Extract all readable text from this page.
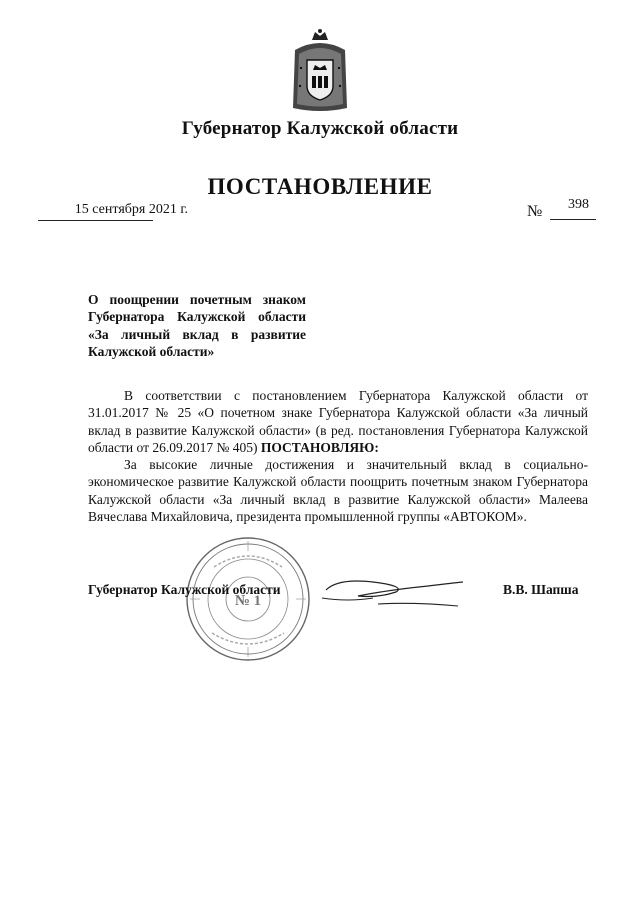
Губернатор Калужской области
ПОСТАНОВЛЕНИЕ
15 сентября 2021 г.	№ 398
О поощрении почетным знаком Губернатора Калужской области «За личный вклад в развитие Калужской области»

В соответствии с постановлением Губернатора Калужской области от 31.01.2017 № 25 «О почетном знаке Губернатора Калужской области «За личный вклад в развитие Калужской области» (в ред. постановления Губернатора Калужской области от 26.09.2017 № 405) ПОСТАНОВЛЯЮ:

За высокие личные достижения и значительный вклад в социально-экономическое развитие Калужской области поощрить почетным знаком Губернатора Калужской области «За личный вклад в развитие Калужской области» Малеева Вячеслава Михайловича, президента промышленной группы «АВТОКОМ».

№ 1
Губернатор Калужской области	В.В. Шапша
